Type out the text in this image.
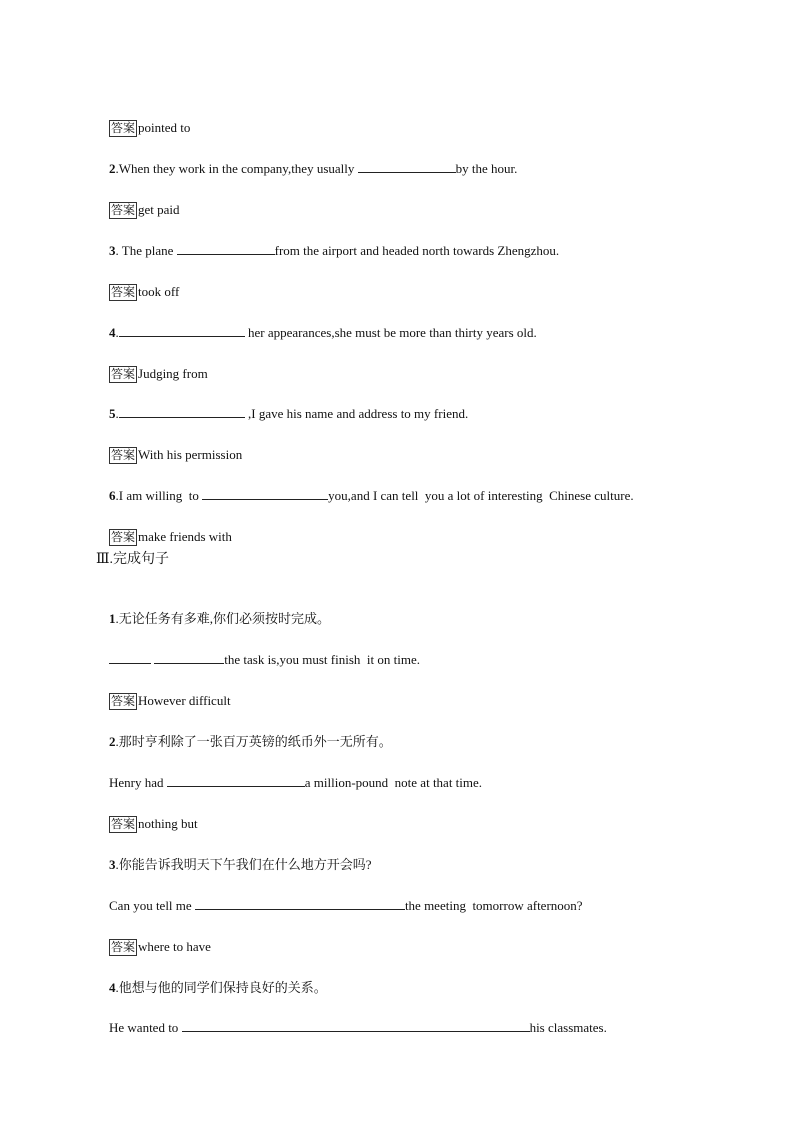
答案 pointed to

2.When they work in the company,they usually	by the hour.

答案 get paid

3. The plane	from the airport and headed north towards Zhengzhou.

答案 took off

4.	her appearances,she must be more than thirty years old.

答案 Judging from

5.	,I gave his name and address to my friend.

答案 With his permission

6.I am willing  to	you,and I can tell  you a lot of interesting  Chinese culture.

答案 make friends with

Ⅲ.完成句子

1.无论任务有多难,你们必须按时完成。

the task is,you must finish  it on time.

答案 However difficult

2.那时亨利除了一张百万英镑的纸币外一无所有。

Henry had	a million-pound  note at that time.

答案 nothing but

3.你能告诉我明天下午我们在什么地方开会吗?

Can you tell me	the meeting  tomorrow afternoon?

答案 where to have

4.他想与他的同学们保持良好的关系。

He wanted to	his classmates.
